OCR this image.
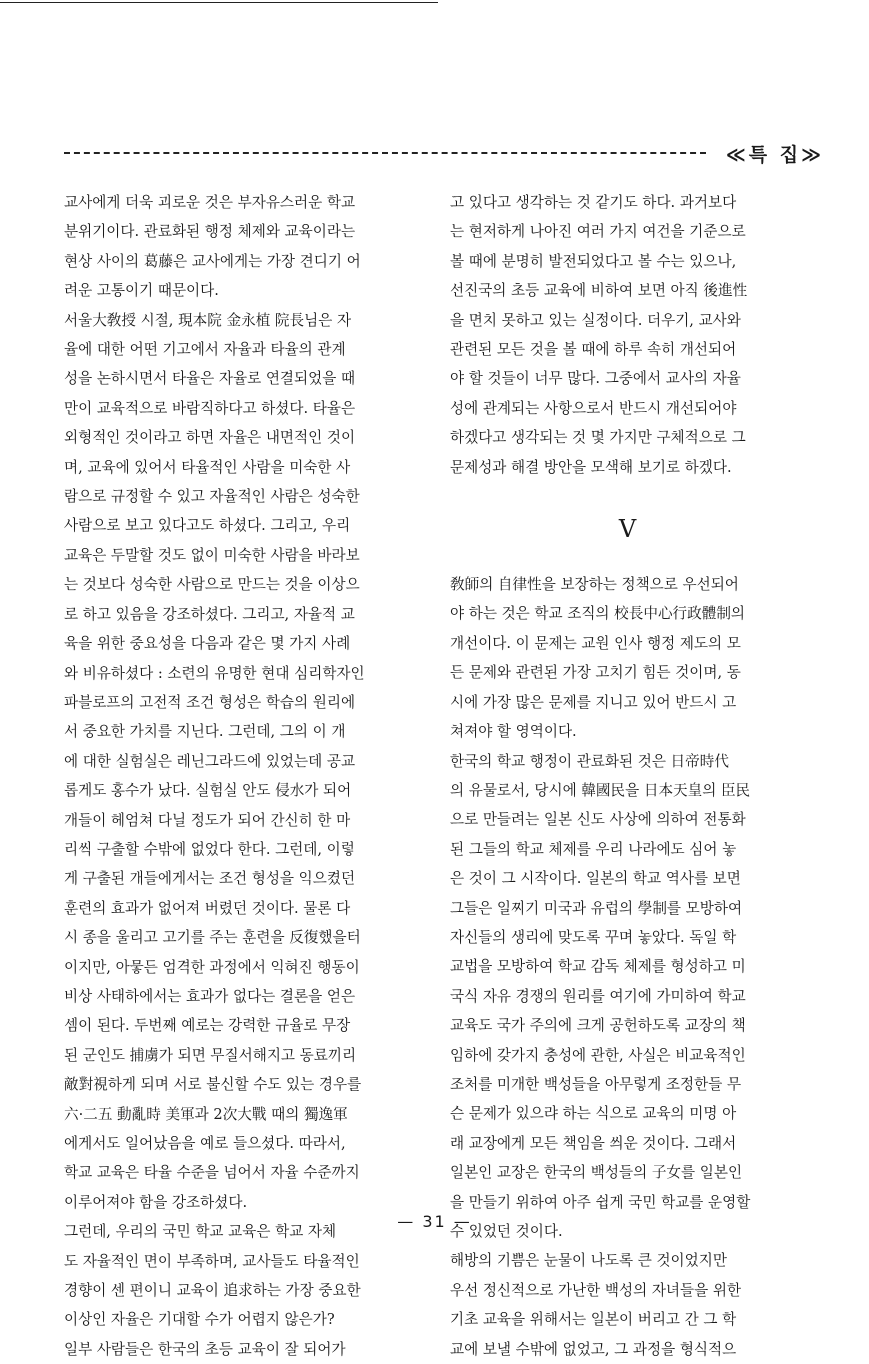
≪특 집≫
교사에게 더욱 괴로운 것은 부자유스러운 학교
분위기이다. 관료화된 행정 체제와 교육이라는
현상 사이의 葛藤은 교사에게는 가장 견디기 어
려운 고통이기 때문이다.
서울大敎授 시절, 現本院 金永植 院長님은 자
율에 대한 어떤 기고에서 자율과 타율의 관계
성을 논하시면서 타율은 자율로 연결되었을 때
만이 교육적으로 바람직하다고 하셨다. 타율은
외형적인 것이라고 하면 자율은 내면적인 것이
며, 교육에 있어서 타율적인 사람을 미숙한 사
람으로 규정할 수 있고 자율적인 사람은 성숙한
사람으로 보고 있다고도 하셨다. 그리고, 우리
교육은 두말할 것도 없이 미숙한 사람을 바라보
는 것보다 성숙한 사람으로 만드는 것을 이상으
로 하고 있음을 강조하셨다. 그리고, 자율적 교
육을 위한 중요성을 다음과 같은 몇 가지 사례
와 비유하셨다 : 소련의 유명한 현대 심리학자인
파블로프의 고전적 조건 형성은 학습의 원리에
서 중요한 가치를 지닌다. 그런데, 그의 이 개
에 대한 실험실은 레닌그라드에 있었는데 공교
롭게도 홍수가 났다. 실험실 안도 侵水가 되어
개들이 헤엄쳐 다닐 정도가 되어 간신히 한 마
리씩 구출할 수밖에 없었다 한다. 그런데, 이렇
게 구출된 개들에게서는 조건 형성을 익으켰던
훈련의 효과가 없어져 버렸던 것이다. 물론 다
시 종을 울리고 고기를 주는 훈련을 反復했을터
이지만, 아뭏든 엄격한 과정에서 익혀진 행동이
비상 사태하에서는 효과가 없다는 결론을 얻은
셈이 된다. 두번째 예로는 강력한 규율로 무장
된 군인도 捕虜가 되면 무질서해지고 동료끼리
敵對視하게 되며 서로 불신할 수도 있는 경우를
六·二五 動亂時 美軍과 2次大戰 때의 獨逸軍
에게서도 일어났음을 예로 들으셨다. 따라서,
학교 교육은 타율 수준을 넘어서 자율 수준까지
이루어져야 함을 강조하셨다.
그런데, 우리의 국민 학교 교육은 학교 자체
도 자율적인 면이 부족하며, 교사들도 타율적인
경향이 센 편이니 교육이 追求하는 가장 중요한
이상인 자율은 기대할 수가 어렵지 않은가?
일부 사람들은 한국의 초등 교육이 잘 되어가
고 있다고 생각하는 것 같기도 하다. 과거보다
는 현저하게 나아진 여러 가지 여건을 기준으로
볼 때에 분명히 발전되었다고 볼 수는 있으나,
선진국의 초등 교육에 비하여 보면 아직 後進性
을 면치 못하고 있는 실정이다. 더우기, 교사와
관련된 모든 것을 볼 때에 하루 속히 개선되어
야 할 것들이 너무 많다. 그중에서 교사의 자율
성에 관계되는 사항으로서 반드시 개선되어야
하겠다고 생각되는 것 몇 가지만 구체적으로 그
문제성과 해결 방안을 모색해 보기로 하겠다.
V
敎師의 自律性을 보장하는 정책으로 우선되어
야 하는 것은 학교 조직의 校長中心行政體制의
개선이다. 이 문제는 교원 인사 행정 제도의 모
든 문제와 관련된 가장 고치기 힘든 것이며, 동
시에 가장 많은 문제를 지니고 있어 반드시 고
쳐져야 할 영역이다.
한국의 학교 행정이 관료화된 것은 日帝時代
의 유물로서, 당시에 韓國民을 日本天皇의 臣民
으로 만들려는 일본 신도 사상에 의하여 전통화
된 그들의 학교 체제를 우리 나라에도 심어 놓
은 것이 그 시작이다. 일본의 학교 역사를 보면
그들은 일찌기 미국과 유럽의 學制를 모방하여
자신들의 생리에 맞도록 꾸며 놓았다. 독일 학
교법을 모방하여 학교 감독 체제를 형성하고 미
국식 자유 경쟁의 원리를 여기에 가미하여 학교
교육도 국가 주의에 크게 공헌하도록 교장의 책
임하에 갖가지 충성에 관한, 사실은 비교육적인
조처를 미개한 백성들을 아무렇게 조정한들 무
슨 문제가 있으랴 하는 식으로 교육의 미명 아
래 교장에게 모든 책임을 씌운 것이다. 그래서
일본인 교장은 한국의 백성들의 子女를 일본인
을 만들기 위하여 아주 쉽게 국민 학교를 운영할
수 있었던 것이다.
해방의 기쁨은 눈물이 나도록 큰 것이었지만
우선 정신적으로 가난한 백성의 자녀들을 위한
기초 교육을 위해서는 일본이 버리고 간 그 학
교에 보낼 수밖에 없었고, 그 과정을 형식적으
— 31 —
